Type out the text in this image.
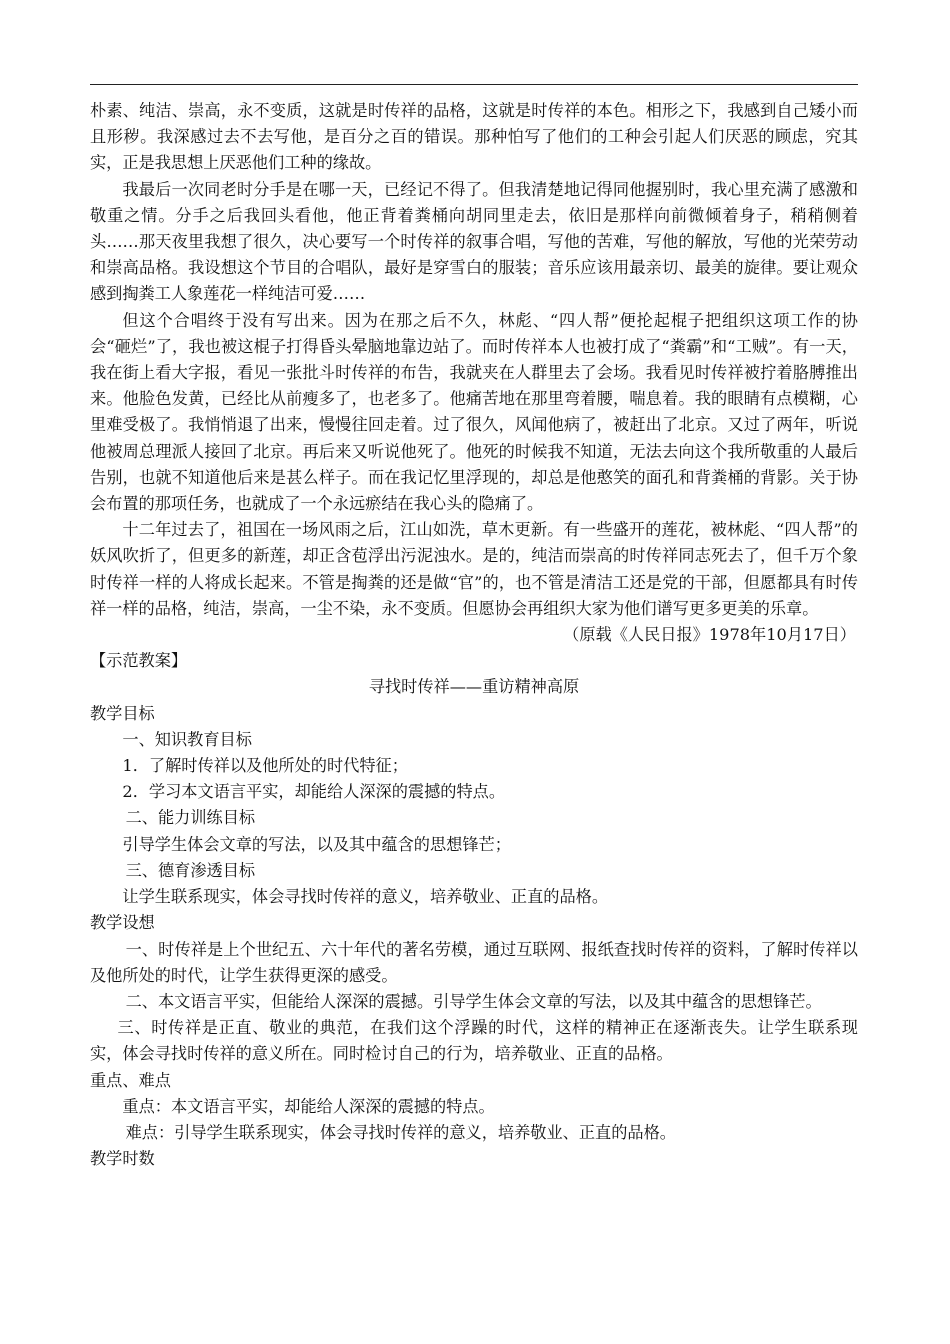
朴素、纯洁、崇高，永不变质，这就是时传祥的品格，这就是时传祥的本色。相形之下，我感到自己矮小而且形秽。我深感过去不去写他，是百分之百的错误。那种怕写了他们的工种会引起人们厌恶的顾虑，究其实，正是我思想上厌恶他们工种的缘故。

我最后一次同老时分手是在哪一天，已经记不得了。但我清楚地记得同他握别时，我心里充满了感激和敬重之情。分手之后我回头看他，他正背着粪桶向胡同里走去，依旧是那样向前微倾着身子，稍稍侧着头……那天夜里我想了很久，决心要写一个时传祥的叙事合唱，写他的苦难，写他的解放，写他的光荣劳动和崇高品格。我设想这个节目的合唱队，最好是穿雪白的服装；音乐应该用最亲切、最美的旋律。要让观众感到掏粪工人象莲花一样纯洁可爱……

但这个合唱终于没有写出来。因为在那之后不久，林彪、“四人帮”便抡起棍子把组织这项工作的协会“砸烂”了，我也被这棍子打得昏头晕脑地靠边站了。而时传祥本人也被打成了“粪霸”和“工贼”。有一天，我在街上看大字报，看见一张批斗时传祥的布告，我就夹在人群里去了会场。我看见时传祥被拧着胳膊推出来。他脸色发黄，已经比从前瘦多了，也老多了。他痛苦地在那里弯着腰，喘息着。我的眼睛有点模糊，心里难受极了。我悄悄退了出来，慢慢往回走着。过了很久，风闻他病了，被赶出了北京。又过了两年，听说他被周总理派人接回了北京。再后来又听说他死了。他死的时候我不知道，无法去向这个我所敬重的人最后告别，也就不知道他后来是甚么样子。而在我记忆里浮现的，却总是他憨笑的面孔和背粪桶的背影。关于协会布置的那项任务，也就成了一个永远瘀结在我心头的隐痛了。

十二年过去了，祖国在一场风雨之后，江山如洗，草木更新。有一些盛开的莲花，被林彪、“四人帮”的妖风吹折了，但更多的新莲，却正含苞浮出污泥浊水。是的，纯洁而崇高的时传祥同志死去了，但千万个象时传祥一样的人将成长起来。不管是掏粪的还是做“官”的，也不管是清洁工还是党的干部，但愿都具有时传祥一样的品格，纯洁，崇高，一尘不染，永不变质。但愿协会再组织大家为他们谱写更多更美的乐章。

（原载《人民日报》1978年10月17日）

【示范教案】

寻找时传祥——重访精神高原

教学目标

一、知识教育目标

1．了解时传祥以及他所处的时代特征；

2．学习本文语言平实，却能给人深深的震撼的特点。

二、能力训练目标

引导学生体会文章的写法，以及其中蕴含的思想锋芒；

三、德育渗透目标

让学生联系现实，体会寻找时传祥的意义，培养敬业、正直的品格。

教学设想

一、时传祥是上个世纪五、六十年代的著名劳模，通过互联网、报纸查找时传祥的资料，了解时传祥以及他所处的时代，让学生获得更深的感受。

二、本文语言平实，但能给人深深的震撼。引导学生体会文章的写法，以及其中蕴含的思想锋芒。

三、时传祥是正直、敬业的典范，在我们这个浮躁的时代，这样的精神正在逐渐丧失。让学生联系现实，体会寻找时传祥的意义所在。同时检讨自己的行为，培养敬业、正直的品格。

重点、难点

重点：本文语言平实，却能给人深深的震撼的特点。

难点：引导学生联系现实，体会寻找时传祥的意义，培养敬业、正直的品格。

教学时数
